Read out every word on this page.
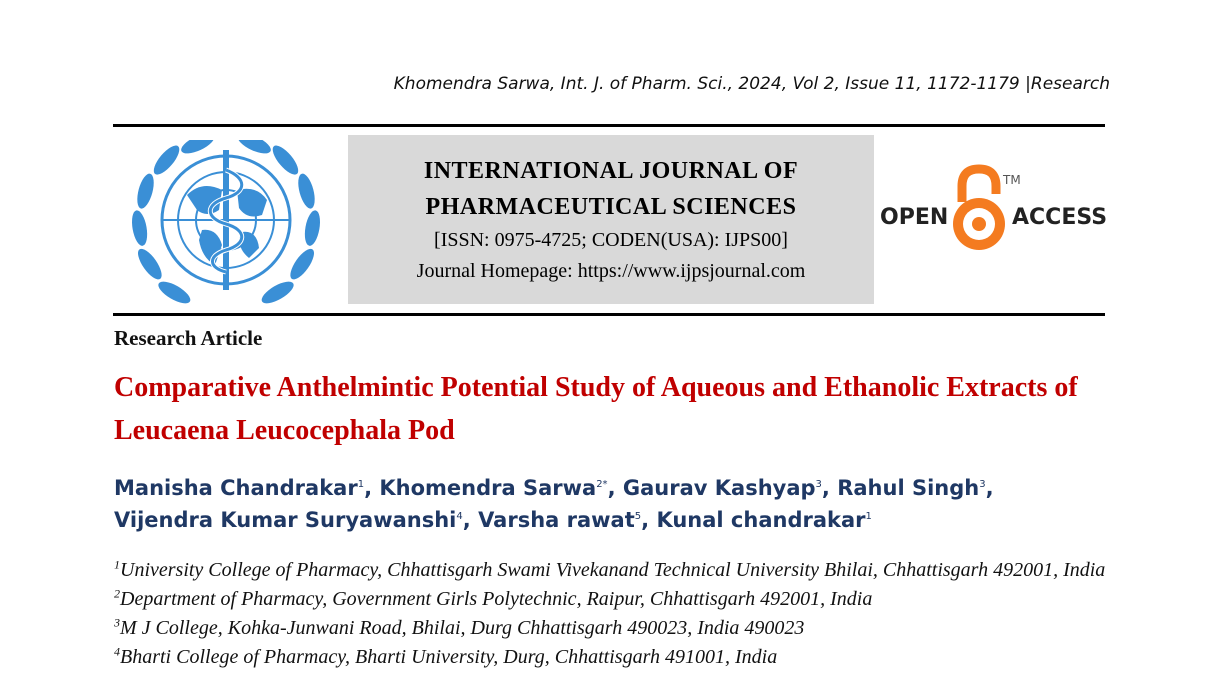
Khomendra Sarwa, Int. J. of Pharm. Sci., 2024, Vol 2, Issue 11, 1172-1179 |Research
INTERNATIONAL JOURNAL OF
PHARMACEUTICAL SCIENCES
[ISSN: 0975-4725; CODEN(USA): IJPS00]
Journal Homepage: https://www.ijpsjournal.com
OPEN
TM
ACCESS
Research Article
Comparative Anthelmintic Potential Study of Aqueous and Ethanolic Extracts of Leucaena Leucocephala Pod
Manisha Chandrakar$^1$, Khomendra Sarwa$^{2*}$, Gaurav Kashyap$^3$, Rahul Singh$^3$,
Vijendra Kumar Suryawanshi$^4$, Varsha rawat$^5$, Kunal chandrakar$^1$
$^1$University College of Pharmacy, Chhattisgarh Swami Vivekanand Technical University Bhilai, Chhattisgarh 492001, India
$^2$Department of Pharmacy, Government Girls Polytechnic, Raipur, Chhattisgarh 492001, India
$^3$M J College, Kohka-Junwani Road, Bhilai, Durg Chhattisgarh 490023, India 490023
$^4$Bharti College of Pharmacy, Bharti University, Durg, Chhattisgarh 491001, India
